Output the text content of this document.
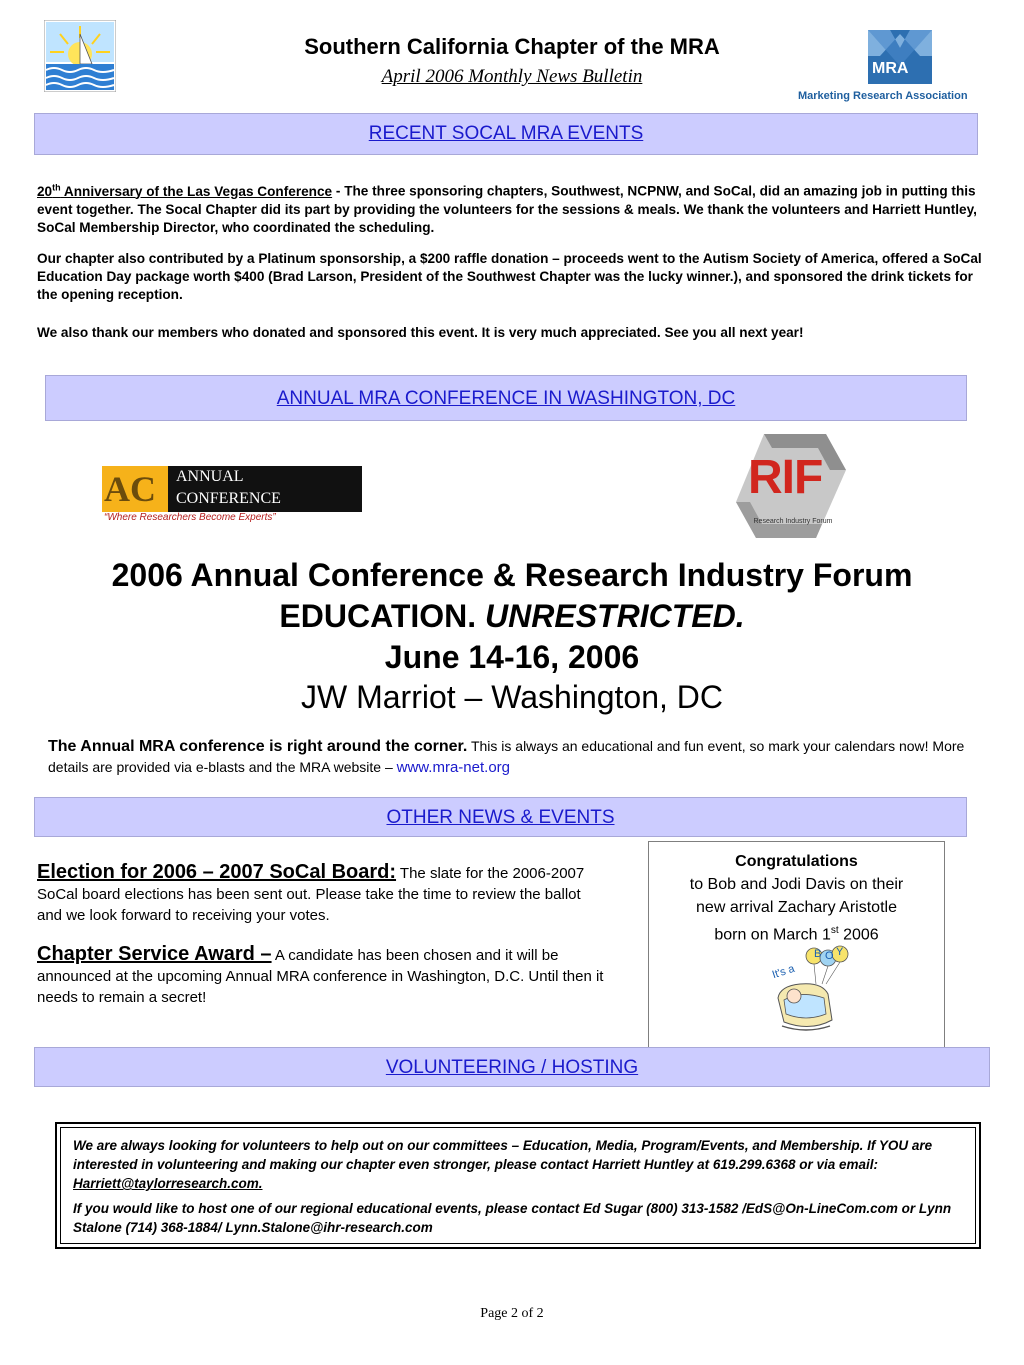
Southern California Chapter of the MRA
April 2006 Monthly News Bulletin	MRA
Marketing Research Association
RECENT SOCAL MRA EVENTS
20th Anniversary of the Las Vegas Conference - The three sponsoring chapters, Southwest, NCPNW, and SoCal, did an amazing job in putting this event together. The Socal Chapter did its part by providing the volunteers for the sessions & meals. We thank the volunteers and Harriett Huntley, SoCal Membership Director, who coordinated the scheduling.
Our chapter also contributed by a Platinum sponsorship, a $200 raffle donation – proceeds went to the Autism Society of America, offered a SoCal Education Day package worth $400 (Brad Larson, President of the Southwest Chapter was the lucky winner.), and sponsored the drink tickets for the opening reception.
We also thank our members who donated and sponsored this event. It is very much appreciated. See you all next year!
ANNUAL MRA CONFERENCE IN WASHINGTON, DC
AC ANNUAL
CONFERENCE
“Where Researchers Become Experts”
RIF
Research Industry Forum
2006 Annual Conference & Research Industry Forum
EDUCATION. UNRESTRICTED.
June 14-16, 2006
JW Marriot – Washington, DC
The Annual MRA conference is right around the corner. This is always an educational and fun event, so mark your calendars now! More details are provided via e-blasts and the MRA website – www.mra-net.org
OTHER NEWS & EVENTS
Election for 2006 – 2007 SoCal Board: The slate for the 2006-2007 SoCal board elections has been sent out. Please take the time to review the ballot and we look forward to receiving your votes.
Chapter Service Award – A candidate has been chosen and it will be announced at the upcoming Annual MRA conference in Washington, D.C. Until then it needs to remain a secret!
Congratulations
to Bob and Jodi Davis on their
new arrival Zachary Aristotle
born on March 1st 2006
B O Y
It's a
VOLUNTEERING / HOSTING
We are always looking for volunteers to help out on our committees – Education, Media, Program/Events, and Membership. If YOU are interested in volunteering and making our chapter even stronger, please contact Harriett Huntley at 619.299.6368 or via email: Harriett@taylorresearch.com.
If you would like to host one of our regional educational events, please contact Ed Sugar (800) 313-1582 /EdS@On-LineCom.com or Lynn Stalone (714) 368-1884/ Lynn.Stalone@ihr-research.com
Page 2 of 2
